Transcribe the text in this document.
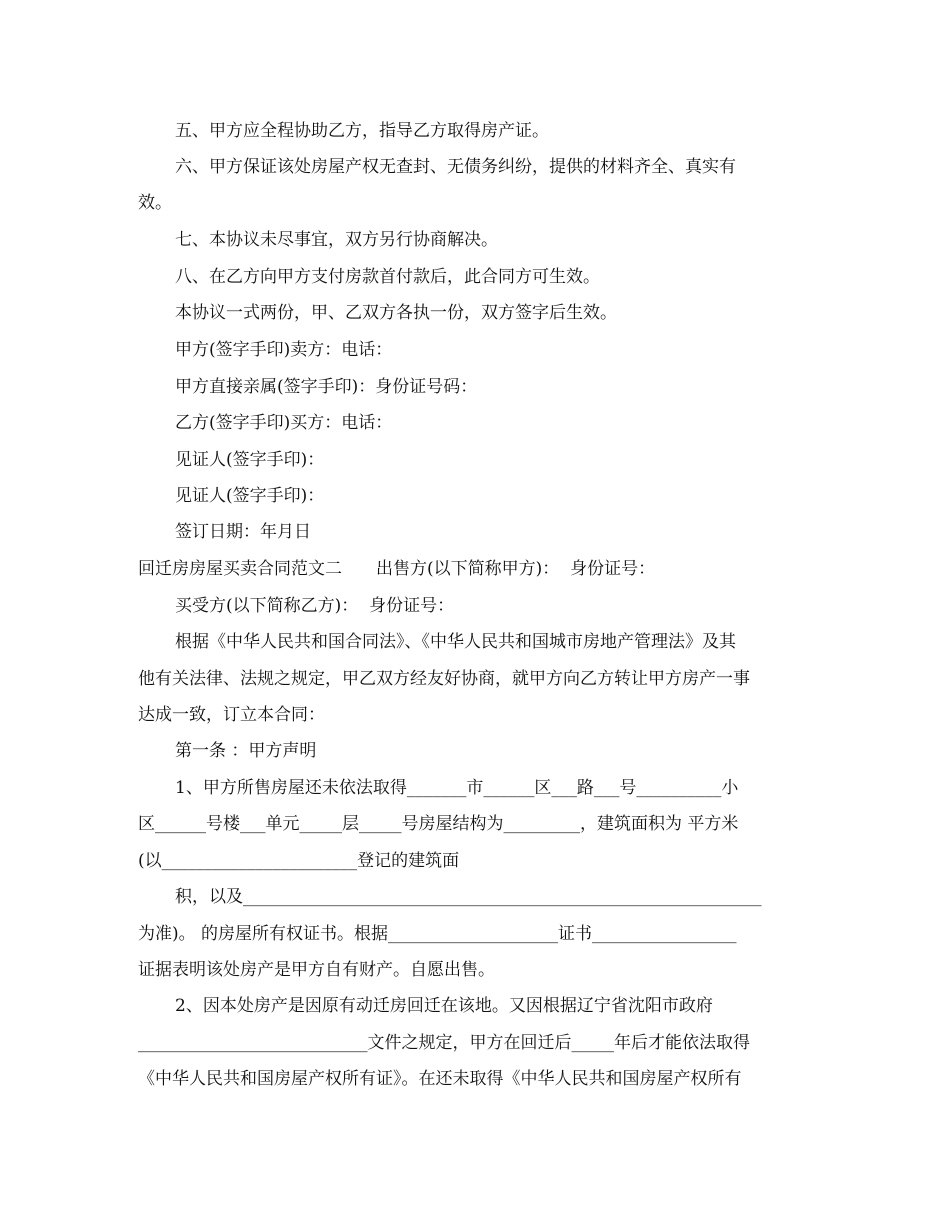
五、甲方应全程协助乙方，指导乙方取得房产证。
六、甲方保证该处房屋产权无查封、无债务纠纷，提供的材料齐全、真实有
效。
七、本协议未尽事宜，双方另行协商解决。
八、在乙方向甲方支付房款首付款后，此合同方可生效。
本协议一式两份，甲、乙双方各执一份，双方签字后生效。
甲方(签字手印)卖方：电话：
甲方直接亲属(签字手印)：身份证号码：
乙方(签字手印)买方：电话：
见证人(签字手印)：
见证人(签字手印)：
签订日期：年月日
回迁房房屋买卖合同范文二　　出售方(以下简称甲方)：  身份证号：
买受方(以下简称乙方)：  身份证号：
根据《中华人民共和国合同法》、《中华人民共和国城市房地产管理法》及其
他有关法律、法规之规定，甲乙双方经友好协商，就甲方向乙方转让甲方房产一事
达成一致，订立本合同：
第一条 ：甲方声明
1、甲方所售房屋还未依法取得_______市______区___路___号__________小
区______号楼___单元_____层_____号房屋结构为_________，建筑面积为 平方米
(以_______________________登记的建筑面
积，以及_____________________________________________________________
为准)。 的房屋所有权证书。根据____________________证书_________________
证据表明该处房产是甲方自有财产。自愿出售。
2、因本处房产是因原有动迁房回迁在该地。又因根据辽宁省沈阳市政府
___________________________文件之规定，甲方在回迁后_____年后才能依法取得
《中华人民共和国房屋产权所有证》。在还未取得《中华人民共和国房屋产权所有
